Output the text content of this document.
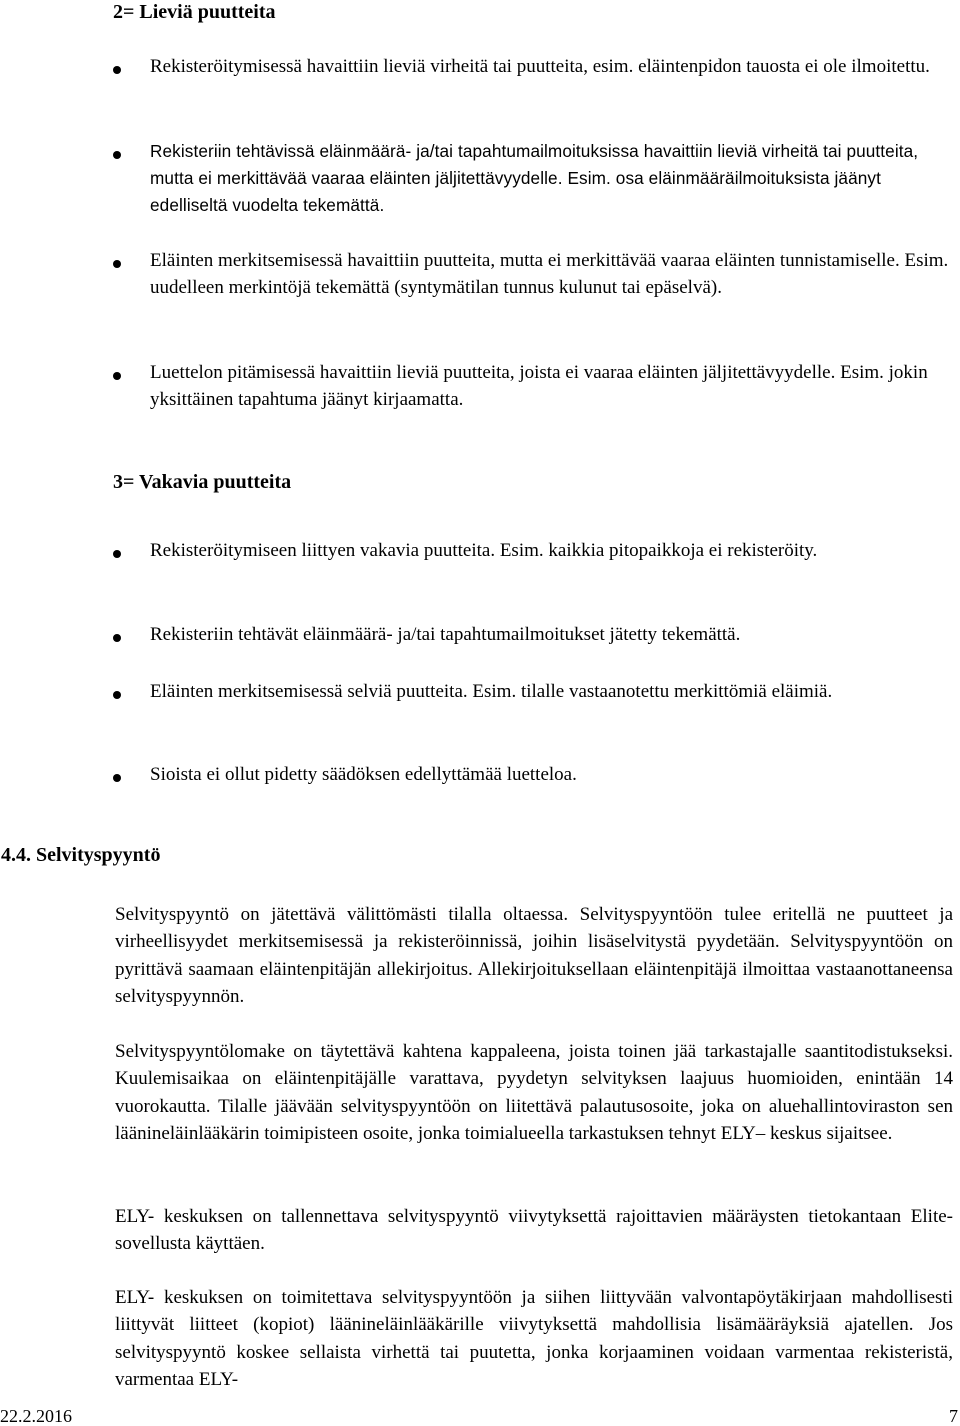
2= Lieviä puutteita
Rekisteröitymisessä havaittiin lieviä virheitä tai puutteita, esim. eläintenpidon tauosta ei ole ilmoitettu.
Rekisteriin tehtävissä eläinmäärä- ja/tai tapahtumailmoituksissa havaittiin lieviä virheitä tai puutteita, mutta ei merkittävää vaaraa eläinten jäljitettävyydelle. Esim. osa eläinmääräilmoituksista jäänyt edelliseltä vuodelta tekemättä.
Eläinten merkitsemisessä havaittiin puutteita, mutta ei merkittävää vaaraa eläinten tunnistamiselle. Esim. uudelleen merkintöjä tekemättä (syntymätilan tunnus kulunut tai epäselvä).
Luettelon pitämisessä havaittiin lieviä puutteita, joista ei vaaraa eläinten jäljitettävyydelle. Esim. jokin yksittäinen tapahtuma jäänyt kirjaamatta.
3= Vakavia puutteita
Rekisteröitymiseen liittyen vakavia puutteita. Esim. kaikkia pitopaikkoja ei rekisteröity.
Rekisteriin tehtävät eläinmäärä- ja/tai tapahtumailmoitukset jätetty tekemättä.
Eläinten merkitsemisessä selviä puutteita. Esim. tilalle vastaanotettu merkittömiä eläimiä.
Sioista ei ollut pidetty säädöksen edellyttämää luetteloa.
4.4. Selvityspyyntö

Selvityspyyntö on jätettävä välittömästi tilalla oltaessa. Selvityspyyntöön tulee eritellä ne puutteet ja virheellisyydet merkitsemisessä ja rekisteröinnissä, joihin lisäselvitystä pyydetään. Selvityspyyntöön on pyrittävä saamaan eläintenpitäjän allekirjoitus. Allekirjoituksellaan eläintenpitäjä ilmoittaa vastaanottaneensa selvityspyynnön.

Selvityspyyntölomake on täytettävä kahtena kappaleena, joista toinen jää tarkastajalle saantitodistukseksi. Kuulemisaikaa on eläintenpitäjälle varattava, pyydetyn selvityksen laajuus huomioiden, enintään 14 vuorokautta. Tilalle jäävään selvityspyyntöön on liitettävä palautusosoite, joka on aluehallintoviraston sen läänineläinlääkärin toimipisteen osoite, jonka toimialueella tarkastuksen tehnyt ELY– keskus sijaitsee.

ELY- keskuksen on tallennettava selvityspyyntö viivytyksettä rajoittavien määräysten tietokantaan Elite-sovellusta käyttäen.

ELY- keskuksen on toimitettava selvityspyyntöön ja siihen liittyvään valvontapöytäkirjaan mahdollisesti liittyvät liitteet (kopiot) läänineläinlääkärille viivytyksettä mahdollisia lisämääräyksiä ajatellen. Jos selvityspyyntö koskee sellaista virhettä tai puutetta, jonka korjaaminen voidaan varmentaa rekisteristä, varmentaa ELY-

22.2.2016	7
